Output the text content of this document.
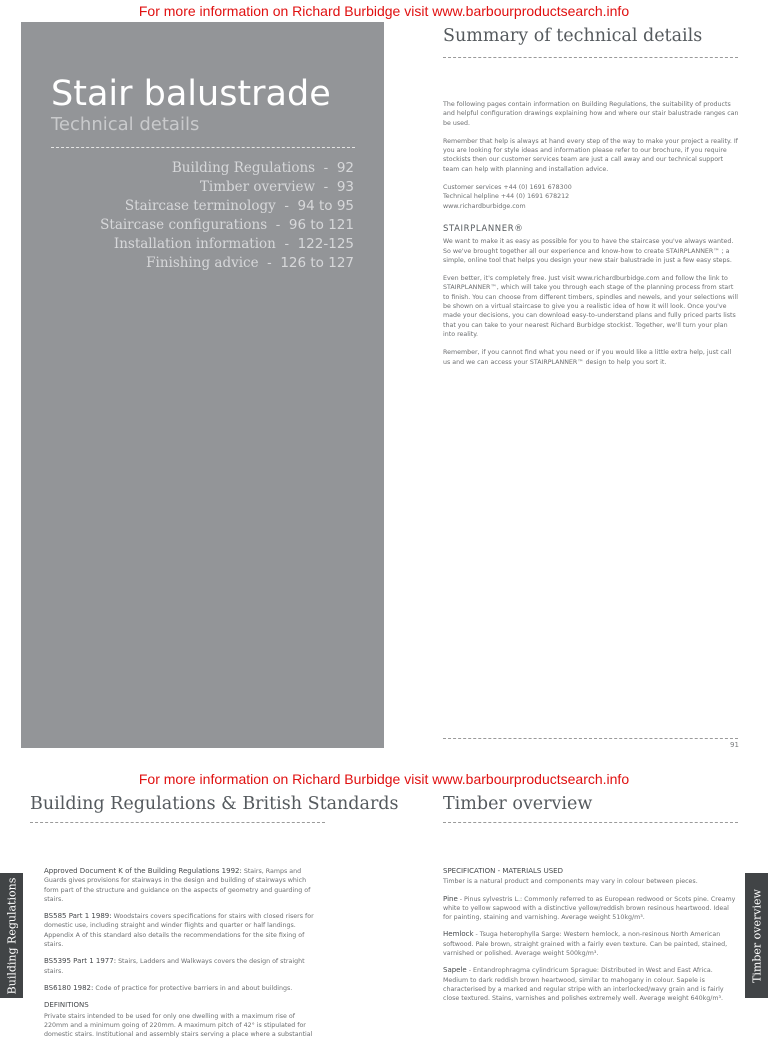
For more information on Richard Burbidge visit www.barbourproductsearch.info
Stair balustrade
Technical details
Building Regulations  -  92
Timber overview  -  93
Staircase terminology  -  94 to 95
Staircase configurations  -  96 to 121
Installation information  -  122-125
Finishing advice  -  126 to 127
Summary of technical details

The following pages contain information on Building Regulations, the suitability of products and helpful configuration drawings explaining how and where our stair balustrade ranges can be used.

Remember that help is always at hand every step of the way to make your project a reality. If you are looking for style ideas and information please refer to our brochure, if you require stockists then our customer services team are just a call away and our technical support team can help with planning and installation advice.

Customer services +44 (0) 1691 678300

Technical helpline +44 (0) 1691 678212

www.richardburbidge.com

STAIRPLANNER®

We want to make it as easy as possible for you to have the staircase you've always wanted. So we've brought together all our experience and know-how to create STAIRPLANNER™ ; a simple, online tool that helps you design your new stair balustrade in just a few easy steps.

Even better, it's completely free. Just visit www.richardburbidge.com and follow the link to STAIRPLANNER™, which will take you through each stage of the planning process from start to finish. You can choose from different timbers, spindles and newels, and your selections will be shown on a virtual staircase to give you a realistic idea of how it will look. Once you've made your decisions, you can download easy-to-understand plans and fully priced parts lists that you can take to your nearest Richard Burbidge stockist. Together, we'll turn your plan into reality.

Remember, if you cannot find what you need or if you would like a little extra help, just call us and we can access your STAIRPLANNER™ design to help you sort it.

91
For more information on Richard Burbidge visit www.barbourproductsearch.info
Building Regulations & British Standards	Timber overview
Building Regulations	Timber overview

Approved Document K of the Building Regulations 1992: Stairs, Ramps and Guards gives provisions for stairways in the design and building of stairways which form part of the structure and guidance on the aspects of geometry and guarding of stairs.

BS585 Part 1 1989: Woodstairs covers specifications for stairs with closed risers for domestic use, including straight and winder flights and quarter or half landings. Appendix A of this standard also details the recommendations for the site fixing of stairs.

BS5395 Part 1 1977: Stairs, Ladders and Walkways covers the design of straight stairs.

BS6180 1982: Code of practice for protective barriers in and about buildings.

DEFINITIONS

Private stairs intended to be used for only one dwelling with a maximum rise of 220mm and a minimum going of 220mm. A maximum pitch of 42° is stipulated for domestic stairs. Institutional and assembly stairs serving a place where a substantial

SPECIFICATION - MATERIALS USED

Timber is a natural product and components may vary in colour between pieces.

Pine - Pinus sylvestris L.: Commonly referred to as European redwood or Scots pine. Creamy white to yellow sapwood with a distinctive yellow/reddish brown resinous heartwood. Ideal for painting, staining and varnishing. Average weight 510kg/m³.

Hemlock - Tsuga heterophylla Sarge: Western hemlock, a non-resinous North American softwood. Pale brown, straight grained with a fairly even texture. Can be painted, stained, varnished or polished. Average weight 500kg/m³.

Sapele - Entandrophragma cylindricum Sprague: Distributed in West and East Africa. Medium to dark reddish brown heartwood, similar to mahogany in colour. Sapele is characterised by a marked and regular stripe with an interlocked/wavy grain and is fairly close textured. Stains, varnishes and polishes extremely well. Average weight 640kg/m³.
